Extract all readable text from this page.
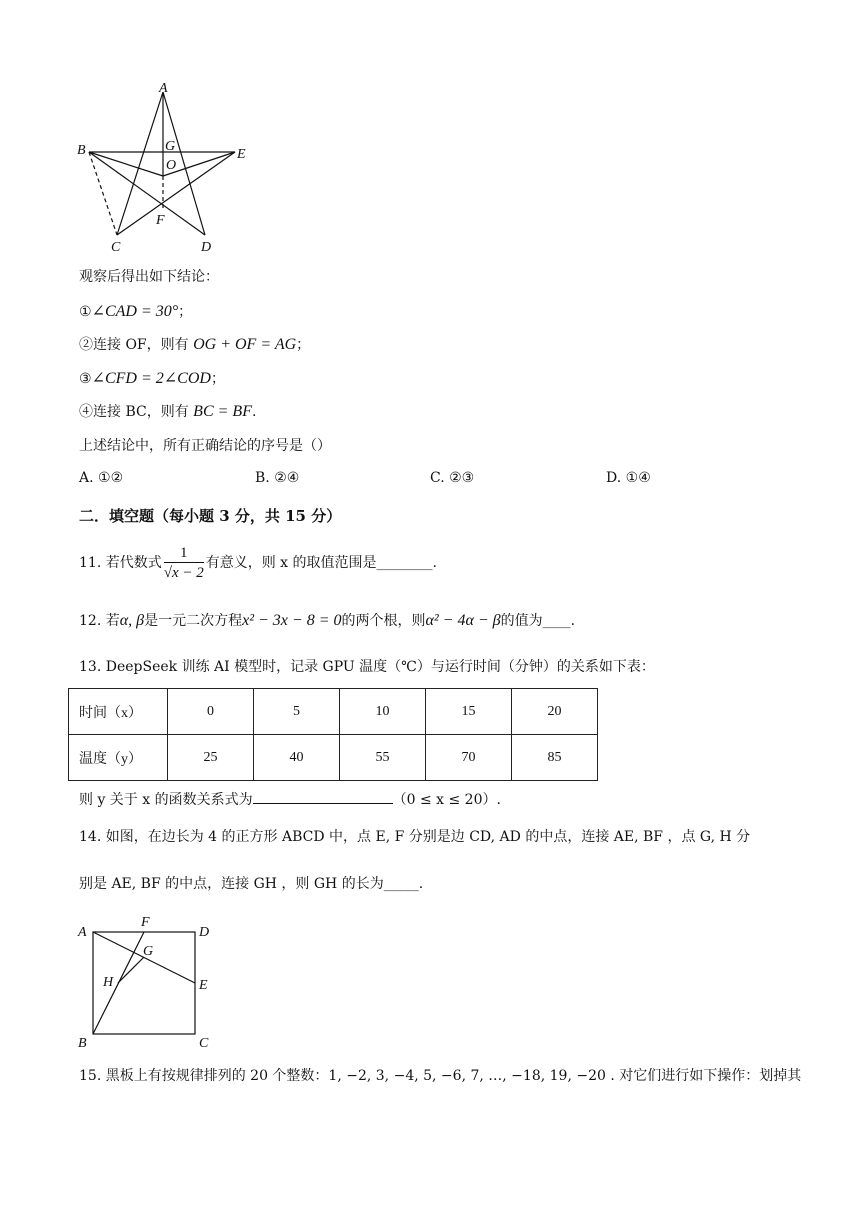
A
B	E
G
O
F
C	D
观察后得出如下结论：
①∠CAD = 30°；
②连接 OF，则有 OG + OF = AG；
③∠CFD = 2∠COD；
④连接 BC，则有 BC = BF.
上述结论中，所有正确结论的序号是（）
A. ①②	B. ②④	C. ②③	D. ①④
二．填空题（每小题 3 分，共 15 分）
11. 若代数式 $\frac{1}{√x - 2}$ 有意义，则 x 的取值范围是________.
12. 若α, β是一元二次方程x² − 3x − 8 = 0的两个根，则α² − 4α − β的值为____.
13. DeepSeek 训练 AI 模型时，记录 GPU 温度（℃）与运行时间（分钟）的关系如下表：
时间（x）	0	5	10	15	20
温度（y）	25	40	55	70	85
则 y 关于 x 的函数关系式为	（0 ≤ x ≤ 20）.
14. 如图，在边长为 4 的正方形 ABCD 中，点 E, F 分别是边 CD, AD 的中点，连接 AE, BF ，点 G, H 分
别是 AE, BF 的中点，连接 GH ，则 GH 的长为_____.
A
F
D
G
H	E
B	C
15. 黑板上有按规律排列的 20 个整数：1, −2, 3, −4, 5, −6, 7, …, −18, 19, −20 . 对它们进行如下操作：划掉其
